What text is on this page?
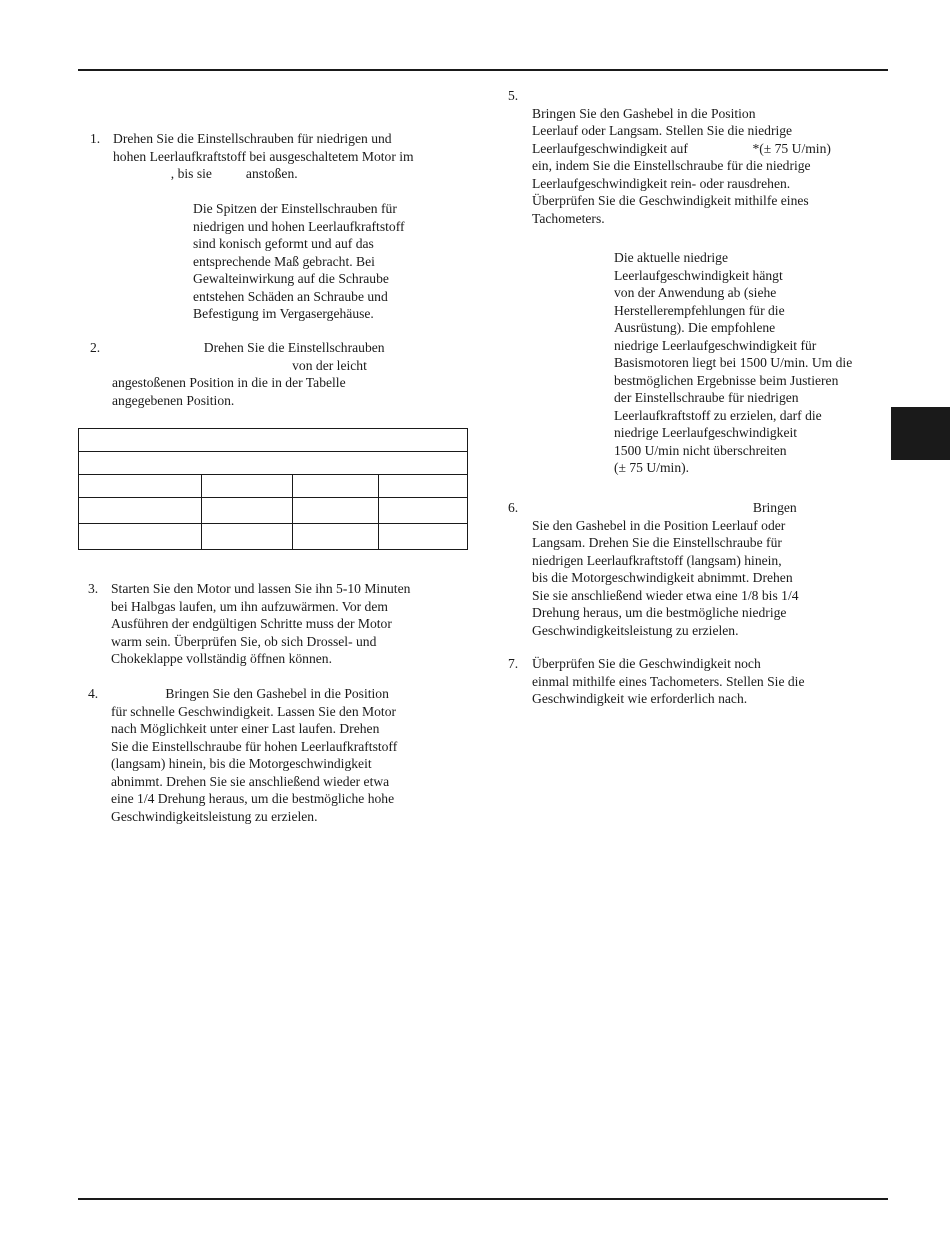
1. Drehen Sie die Einstellschrauben für niedrigen und

hohen Leerlaufkraftstoff bei ausgeschaltetem Motor im

, bis sie          anstoßen.

Die Spitzen der Einstellschrauben für

niedrigen und hohen Leerlaufkraftstoff

sind konisch geformt und auf das

entsprechende Maß gebracht. Bei

Gewalteinwirkung auf die Schraube

entstehen Schäden an Schraube und

Befestigung im Vergasergehäuse.

2. Drehen Sie die Einstellschrauben

von der leicht

angestoßenen Position in die in der Tabelle

angegebenen Position.

3. Starten Sie den Motor und lassen Sie ihn 5-10 Minuten

bei Halbgas laufen, um ihn aufzuwärmen. Vor dem

Ausführen der endgültigen Schritte muss der Motor

warm sein. Überprüfen Sie, ob sich Drossel- und

Chokeklappe vollständig öffnen können.

4. Bringen Sie den Gashebel in die Position

für schnelle Geschwindigkeit. Lassen Sie den Motor

nach Möglichkeit unter einer Last laufen. Drehen

Sie die Einstellschraube für hohen Leerlaufkraftstoff

(langsam) hinein, bis die Motorgeschwindigkeit

abnimmt. Drehen Sie sie anschließend wieder etwa

eine 1/4 Drehung heraus, um die bestmögliche hohe

Geschwindigkeitsleistung zu erzielen.

5.

Bringen Sie den Gashebel in die Position

Leerlauf oder Langsam. Stellen Sie die niedrige

Leerlaufgeschwindigkeit auf                   *(± 75 U/min)

ein, indem Sie die Einstellschraube für die niedrige

Leerlaufgeschwindigkeit rein- oder rausdrehen.

Überprüfen Sie die Geschwindigkeit mithilfe eines

Tachometers.

Die aktuelle niedrige

Leerlaufgeschwindigkeit hängt

von der Anwendung ab (siehe

Herstellerempfehlungen für die

Ausrüstung). Die empfohlene

niedrige Leerlaufgeschwindigkeit für

Basismotoren liegt bei 1500 U/min. Um die

bestmöglichen Ergebnisse beim Justieren

der Einstellschraube für niedrigen

Leerlaufkraftstoff zu erzielen, darf die

niedrige Leerlaufgeschwindigkeit

1500 U/min nicht überschreiten

(± 75 U/min).

6. Bringen

Sie den Gashebel in die Position Leerlauf oder

Langsam. Drehen Sie die Einstellschraube für

niedrigen Leerlaufkraftstoff (langsam) hinein,

bis die Motorgeschwindigkeit abnimmt. Drehen

Sie sie anschließend wieder etwa eine 1/8 bis 1/4

Drehung heraus, um die bestmögliche niedrige

Geschwindigkeitsleistung zu erzielen.

7. Überprüfen Sie die Geschwindigkeit noch

einmal mithilfe eines Tachometers. Stellen Sie die

Geschwindigkeit wie erforderlich nach.
